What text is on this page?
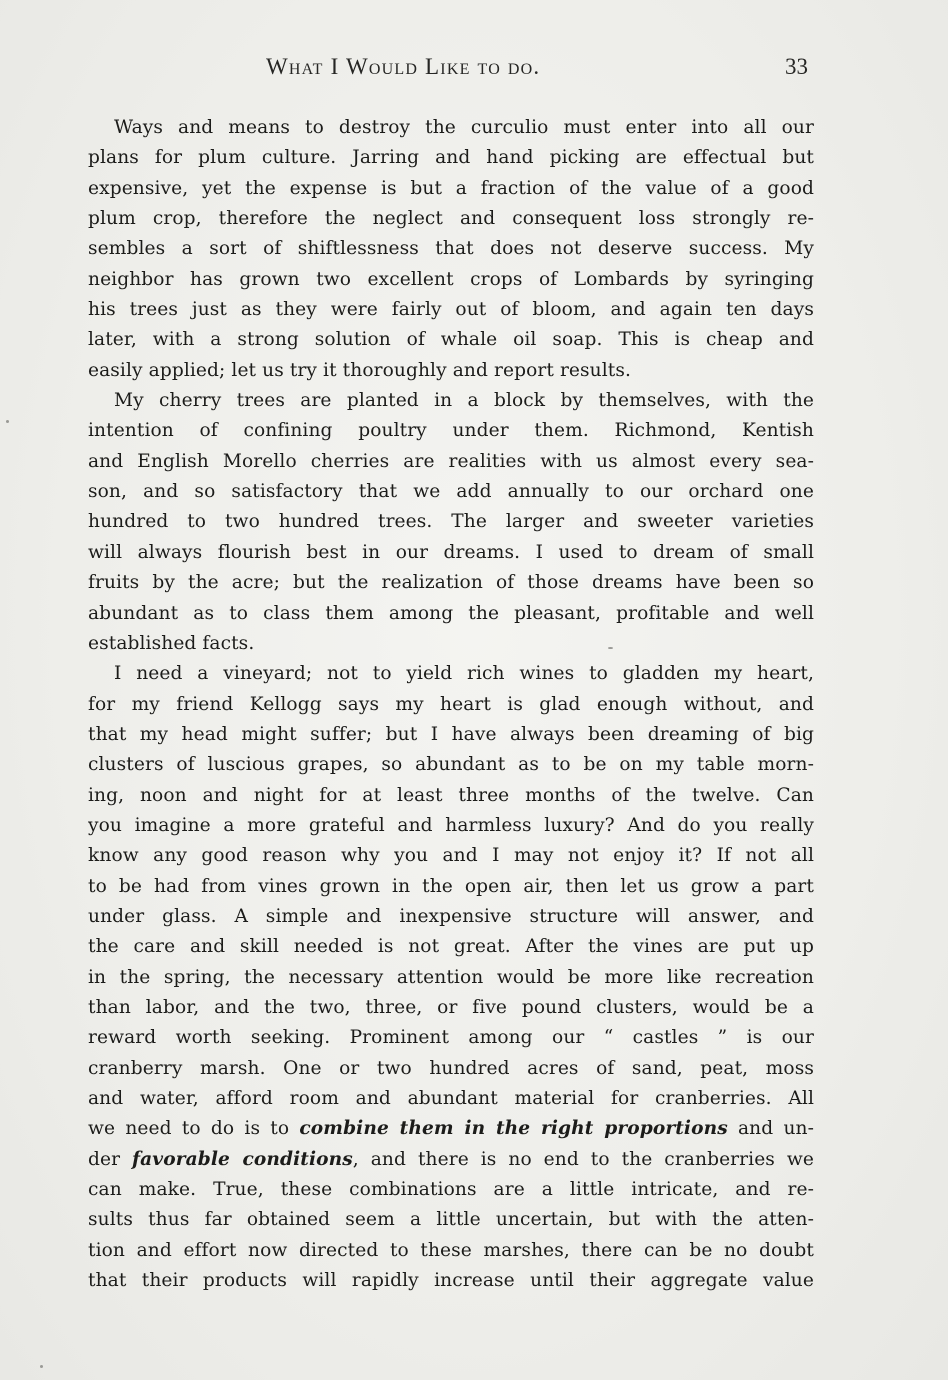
What I Would Like to do.	33
Ways and means to destroy the curculio must enter into all our
plans for plum culture. Jarring and hand picking are effectual but
expensive, yet the expense is but a fraction of the value of a good
plum crop, therefore the neglect and consequent loss strongly re-
sembles a sort of shiftlessness that does not deserve success. My
neighbor has grown two excellent crops of Lombards by syringing
his trees just as they were fairly out of bloom, and again ten days
later, with a strong solution of whale oil soap. This is cheap and
easily applied; let us try it thoroughly and report results.
My cherry trees are planted in a block by themselves, with the
intention of confining poultry under them. Richmond, Kentish
and English Morello cherries are realities with us almost every sea-
son, and so satisfactory that we add annually to our orchard one
hundred to two hundred trees. The larger and sweeter varieties
will always flourish best in our dreams. I used to dream of small
fruits by the acre; but the realization of those dreams have been so
abundant as to class them among the pleasant, profitable and well
established facts.
I need a vineyard; not to yield rich wines to gladden my heart,
for my friend Kellogg says my heart is glad enough without, and
that my head might suffer; but I have always been dreaming of big
clusters of luscious grapes, so abundant as to be on my table morn-
ing, noon and night for at least three months of the twelve. Can
you imagine a more grateful and harmless luxury? And do you really
know any good reason why you and I may not enjoy it? If not all
to be had from vines grown in the open air, then let us grow a part
under glass. A simple and inexpensive structure will answer, and
the care and skill needed is not great. After the vines are put up
in the spring, the necessary attention would be more like recreation
than labor, and the two, three, or five pound clusters, would be a
reward worth seeking. Prominent among our “ castles ” is our
cranberry marsh. One or two hundred acres of sand, peat, moss
and water, afford room and abundant material for cranberries. All
we need to do is to combine them in the right proportions and un-
der favorable conditions, and there is no end to the cranberries we
can make. True, these combinations are a little intricate, and re-
sults thus far obtained seem a little uncertain, but with the atten-
tion and effort now directed to these marshes, there can be no doubt
that their products will rapidly increase until their aggregate value
